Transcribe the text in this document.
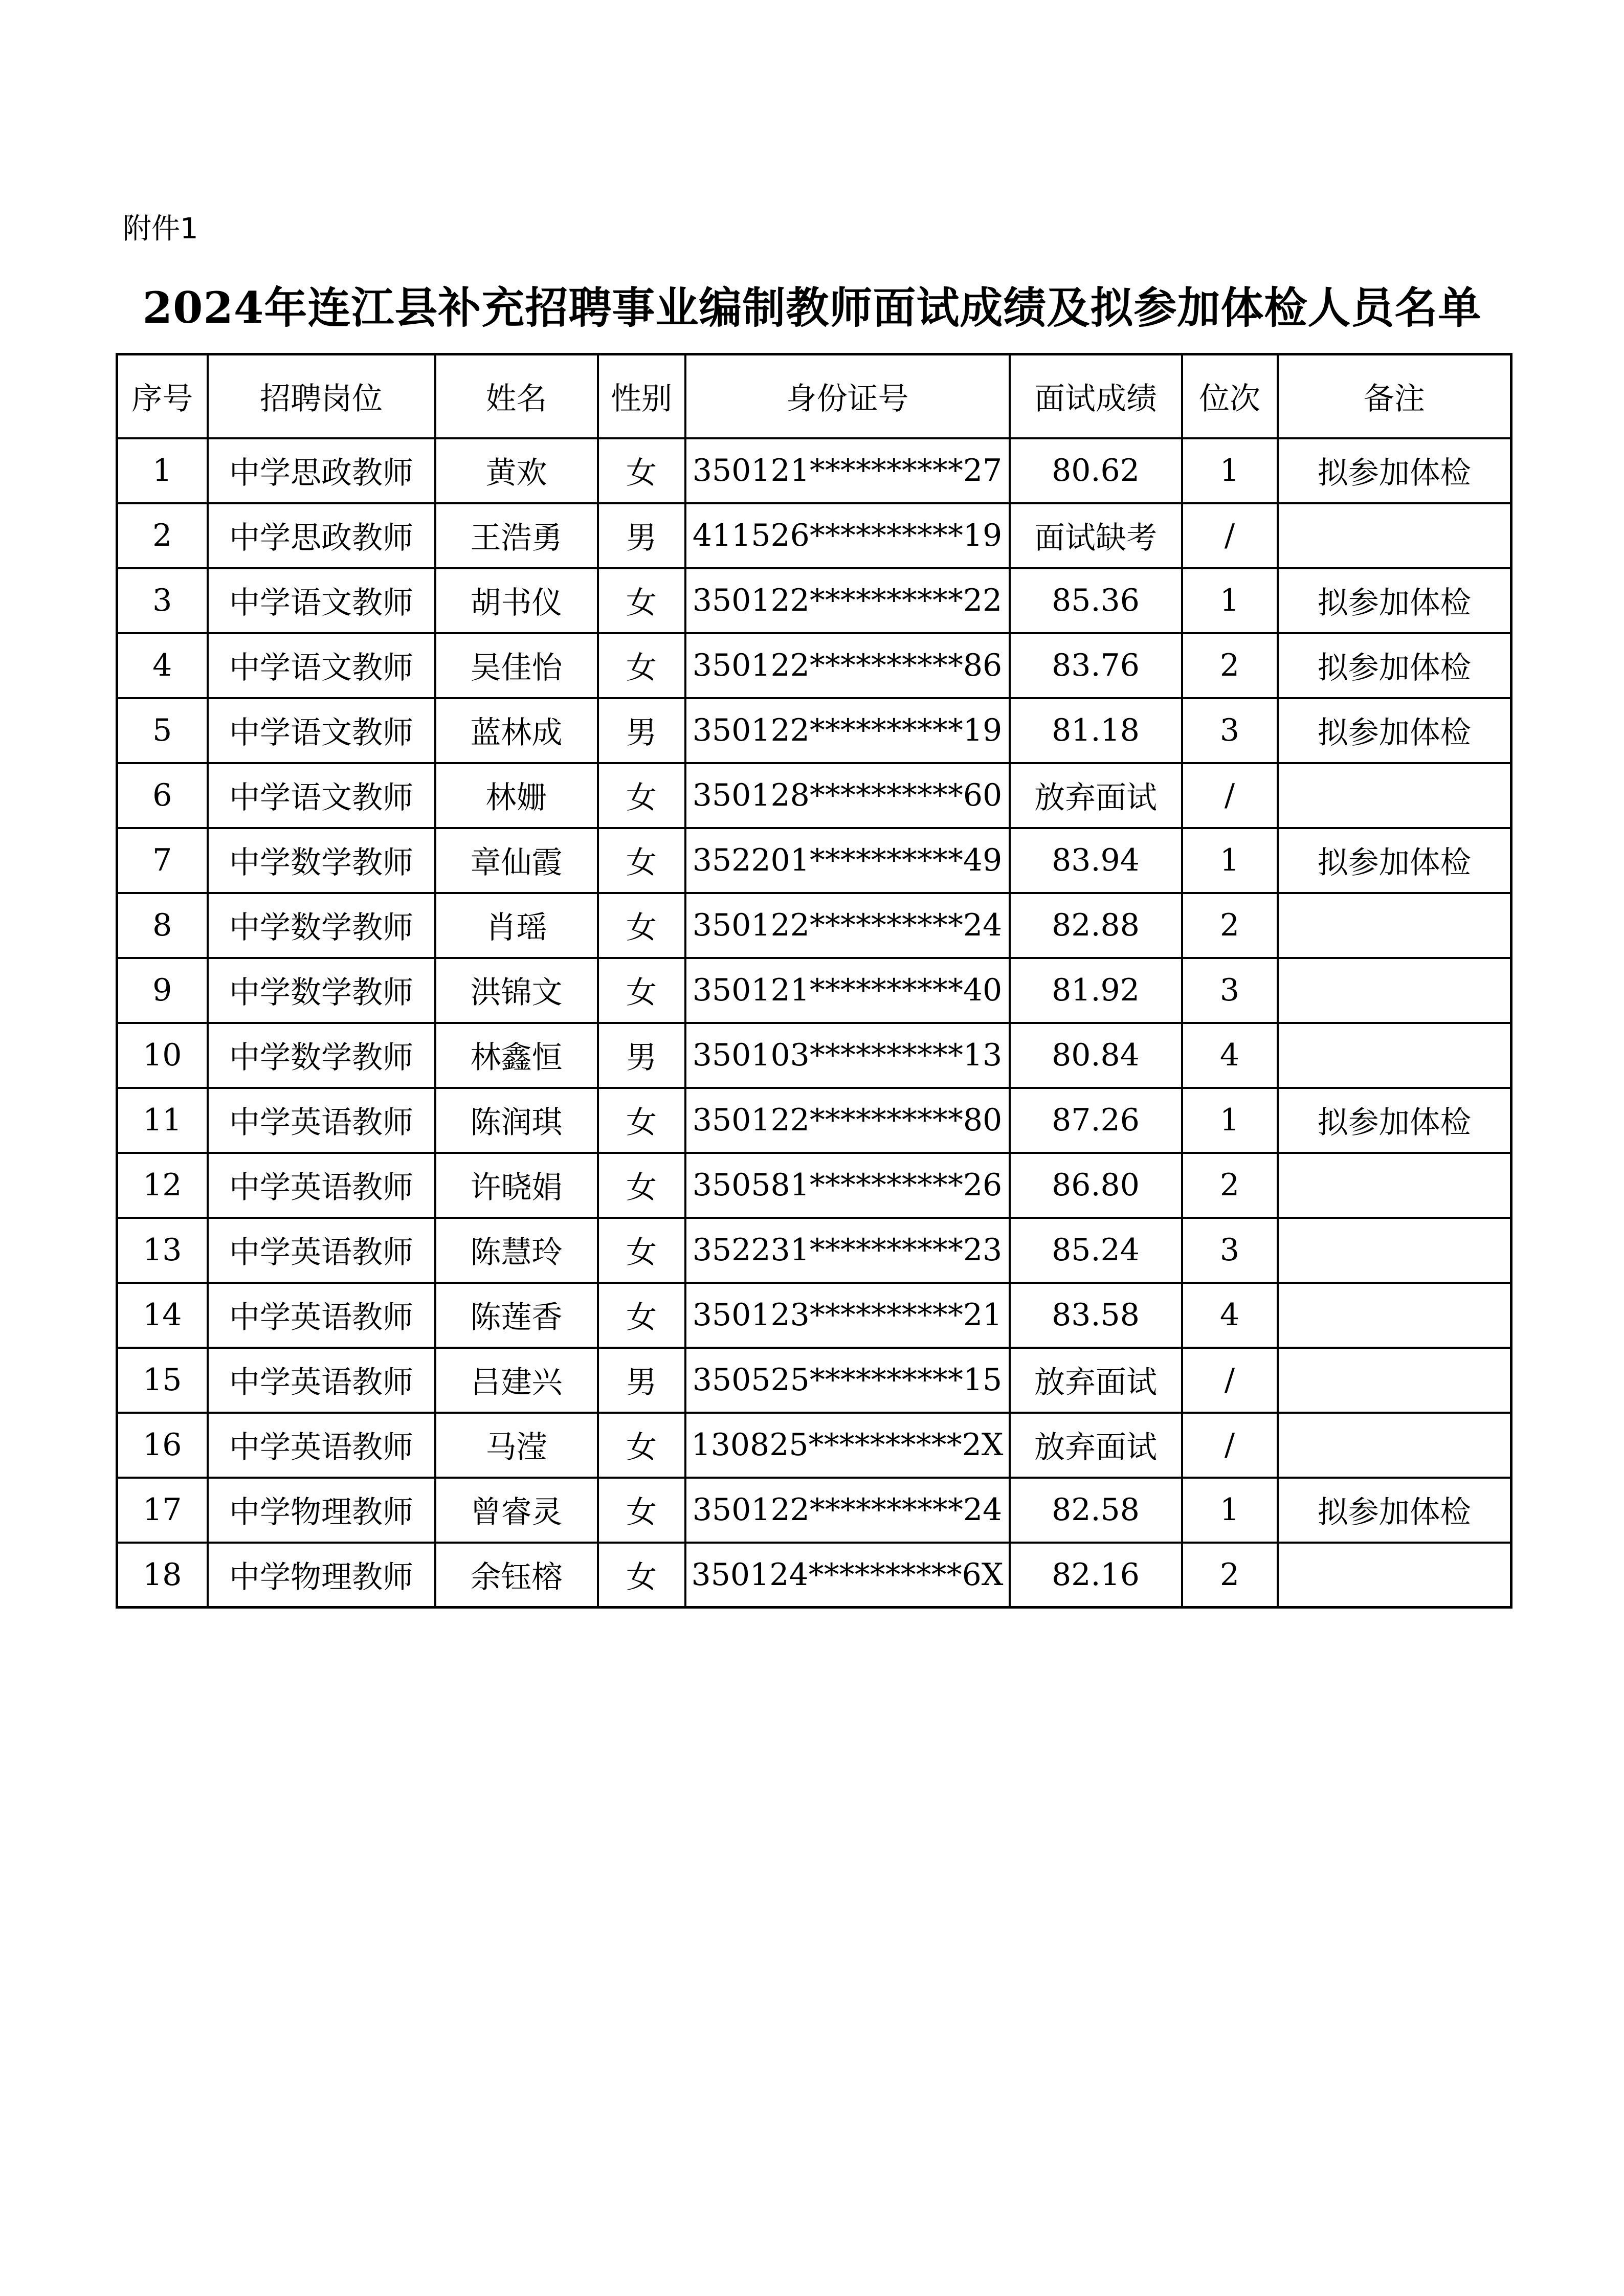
附件1
2024年连江县补充招聘事业编制教师面试成绩及拟参加体检人员名单
序号	招聘岗位	姓名	性别	身份证号	面试成绩	位次	备注
1	中学思政教师	黄欢	女	350121**********27	80.62	1	拟参加体检
2	中学思政教师	王浩勇	男	411526**********19	面试缺考	/	
3	中学语文教师	胡书仪	女	350122**********22	85.36	1	拟参加体检
4	中学语文教师	吴佳怡	女	350122**********86	83.76	2	拟参加体检
5	中学语文教师	蓝林成	男	350122**********19	81.18	3	拟参加体检
6	中学语文教师	林姗	女	350128**********60	放弃面试	/	
7	中学数学教师	章仙霞	女	352201**********49	83.94	1	拟参加体检
8	中学数学教师	肖瑶	女	350122**********24	82.88	2	
9	中学数学教师	洪锦文	女	350121**********40	81.92	3	
10	中学数学教师	林鑫恒	男	350103**********13	80.84	4	
11	中学英语教师	陈润琪	女	350122**********80	87.26	1	拟参加体检
12	中学英语教师	许晓娟	女	350581**********26	86.80	2	
13	中学英语教师	陈慧玲	女	352231**********23	85.24	3	
14	中学英语教师	陈莲香	女	350123**********21	83.58	4	
15	中学英语教师	吕建兴	男	350525**********15	放弃面试	/	
16	中学英语教师	马滢	女	130825**********2X	放弃面试	/	
17	中学物理教师	曾睿灵	女	350122**********24	82.58	1	拟参加体检
18	中学物理教师	余钰榕	女	350124**********6X	82.16	2	
